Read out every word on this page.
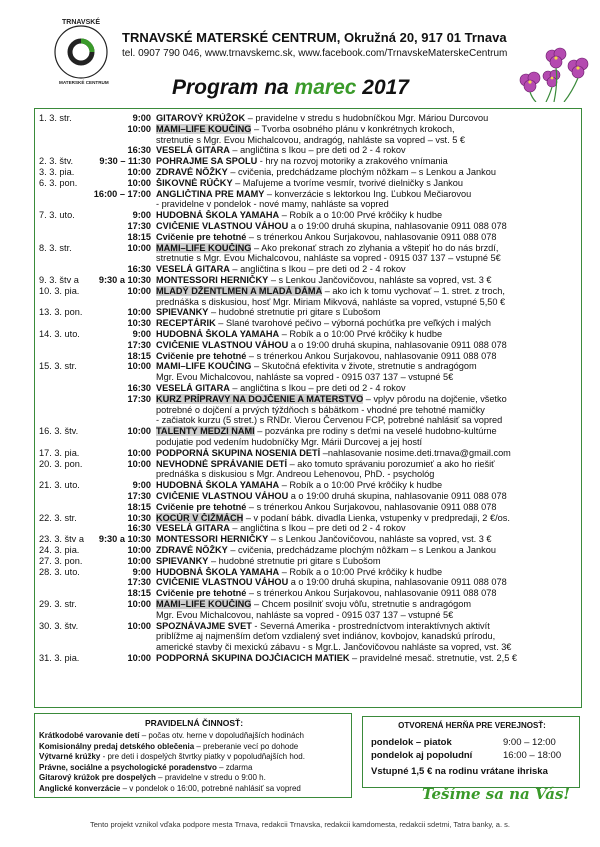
TRNAVSKÉ
MATERSKÉ CENTRUM
TRNAVSKÉ MATERSKÉ CENTRUM, Okružná 20, 917 01 Trnava
tel. 0907 790 046, www.trnavskemc.sk, www.facebook.com/TrnavskeMaterskeCentrum
Program na marec 2017
1. 3. str.	9:00 GITAROVÝ KRÚŽOK – pravidelne v stredu s hudobníčkou Mgr. Máriou Durcovou
10:00 MAMI–LIFE KOUČING – Tvorba osobného plánu v konkrétnych krokoch,
stretnutie s Mgr. Evou Michalcovou, andragóg, nahláste sa vopred – vst. 5 €
16:30 VESELÁ GITARA – angličtina s Ikou – pre deti od 2 - 4 rokov
2. 3. štv.	9:30 – 11:30 POHRAJME SA SPOLU - hry na rozvoj motoriky a zrakového vnímania
3. 3. pia.	10:00 ZDRAVÉ NÔŽKY – cvičenia, predchádzame plochým nôžkam – s Lenkou a Jankou
6. 3. pon.	10:00 ŠIKOVNÉ RÚČKY – Maľujeme a tvoríme vesmír, tvorivé dielničky s Jankou
16:00 – 17:00 ANGLIČTINA PRE MAMY – konverzácie s lektorkou Ing. Ľubkou Mečiarovou
- pravidelne v pondelok - nové mamy, nahláste sa vopred
7. 3. uto.	9:00 HUDOBNÁ ŠKOLA YAMAHA – Robík a o 10:00 Prvé krôčiky k hudbe
17:30 CVIČENIE VLASTNOU VÁHOU a o 19:00 druhá skupina, nahlasovanie 0911 088 078
18:15 Cvičenie pre tehotné – s trénerkou Ankou Surjakovou, nahlasovanie 0911 088 078
8. 3. str.	10:00 MAMI–LIFE KOUČING – Ako prekonať strach zo zlyhania a vštepiť ho do nás brzdí,
stretnutie s Mgr. Evou Michalcovou, nahláste sa vopred - 0915 037 137 – vstupné 5€
16:30 VESELÁ GITARA – angličtina s Ikou – pre deti od 2 - 4 rokov
9. 3. štv a 9:30 a 10:30 MONTESSORI HERNIČKY – s Lenkou Jančovičovou, nahláste sa vopred, vst. 3 €
10. 3. pia.	10:00 MLADÝ DŽENTLMEN A MLADÁ DÁMA – ako ich k tomu vychovať – 1. stret. z troch,
prednáška s diskusiou, hosť Mgr. Miriam Mikvová, nahláste sa vopred, vstupné 5,50 €
13. 3. pon.	10:00 SPIEVANKY – hudobné stretnutie pri gitare s Ľubošom
10:30 RECEPTÁRIK – Slané tvarohové pečivo – výborná pochúťka pre veľkých i malých
14. 3. uto.	9:00 HUDOBNÁ ŠKOLA YAMAHA – Robík a o 10:00 Prvé krôčiky k hudbe
17:30 CVIČENIE VLASTNOU VÁHOU a o 19:00 druhá skupina, nahlasovanie 0911 088 078
18:15 Cvičenie pre tehotné – s trénerkou Ankou Surjakovou, nahlasovanie 0911 088 078
15. 3. str.	10:00 MAMI–LIFE KOUČING – Skutočná efektivita v živote, stretnutie s andragógom
Mgr. Evou Michalcovou, nahláste sa vopred - 0915 037 137 – vstupné 5€
16:30 VESELÁ GITARA – angličtina s Ikou – pre deti od 2 - 4 rokov
17:30 KURZ PRÍPRAVY NA DOJČENIE A MATERSTVO – vplyv pôrodu na dojčenie, všetko
potrebné o dojčení a prvých týždňoch s bábätkom - vhodné pre tehotné mamičky
- začiatok kurzu (5 stret.) s RNDr. Vierou Červenou FCP, potrebné nahlásiť sa vopred
16. 3. štv.	10:00 TALENTY MEDZI NAMI – pozvánka pre rodiny s deťmi na veselé hudobno-kultúrne
podujatie pod vedením hudobníčky Mgr. Márii Durcovej a jej hostí
17. 3. pia.	10:00 PODPORNÁ SKUPINA NOSENIA DETÍ –nahlasovanie nosime.deti.trnava@gmail.com
20. 3. pon.	10:00 NEVHODNÉ SPRÁVANIE DETÍ – ako tomuto správaniu porozumieť a ako ho riešiť
prednáška s diskusiou s Mgr. Andreou Lehenovou, PhD. - psychológ
21. 3. uto.	9:00 HUDOBNÁ ŠKOLA YAMAHA – Robík a o 10:00 Prvé krôčiky k hudbe
17:30 CVIČENIE VLASTNOU VÁHOU a o 19:00 druhá skupina, nahlasovanie 0911 088 078
18:15 Cvičenie pre tehotné – s trénerkou Ankou Surjakovou, nahlasovanie 0911 088 078
22. 3. str.	10:30 KOCÚR V ČIŽMÁCH – v podaní bábk. divadla Lienka, vstupenky v predpredaji, 2 €/os.
16:30 VESELÁ GITARA – angličtina s Ikou – pre deti od 2 - 4 rokov
23. 3. štv a 9:30 a 10:30 MONTESSORI HERNIČKY – s Lenkou Jančovičovou, nahláste sa vopred, vst. 3 €
24. 3. pia.	10:00 ZDRAVÉ NÔŽKY – cvičenia, predchádzame plochým nôžkam – s Lenkou a Jankou
27. 3. pon.	10:00 SPIEVANKY – hudobné stretnutie pri gitare s Ľubošom
28. 3. uto.	9:00 HUDOBNÁ ŠKOLA YAMAHA – Robík a o 10:00 Prvé krôčiky k hudbe
17:30 CVIČENIE VLASTNOU VÁHOU a o 19:00 druhá skupina, nahlasovanie 0911 088 078
18:15 Cvičenie pre tehotné – s trénerkou Ankou Surjakovou, nahlasovanie 0911 088 078
29. 3. str.	10:00 MAMI–LIFE KOUČING – Chcem posilniť svoju vôľu, stretnutie s andragógom
Mgr. Evou Michalcovou, nahláste sa vopred - 0915 037 137 – vstupné 5€
30. 3. štv.	10:00 SPOZNÁVAJME SVET - Severná Amerika - prostredníctvom interaktívnych aktivít
priblížme aj najmenším deťom vzdialený svet indiánov, kovbojov, kanadskú prírodu,
americké stavby či mexickú zábavu - s Mgr.L. Jančovičovou nahláste sa vopred, vst. 3€
31. 3. pia.	10:00 PODPORNÁ SKUPINA DOJČIACICH MATIEK – pravidelné mesač. stretnutie, vst. 2,5 €
PRAVIDELNÁ ČINNOSŤ:
Krátkodobé varovanie detí – počas otv. herne v dopoludňajších hodinách
Komisionálny predaj detského oblečenia – preberanie vecí po dohode
Výtvarné krúžky - pre deti i dospelých štvrtky piatky v popoludňajších hod.
Právne, sociálne a psychologické poradenstvo – zdarma
Gitarový krúžok pre dospelých – pravidelne v stredu o 9:00 h.
Anglické konverzácie – v pondelok o 16:00, potrebné nahlásiť sa vopred
OTVORENÁ HERŇA PRE VEREJNOSŤ:
pondelok – piatok	9:00 – 12:00
pondelok aj popoludní	16:00 – 18:00
Vstupné 1,5 € na rodinu vrátane ihriska
Tešíme sa na Vás!
Tento projekt vznikol vďaka podpore mesta Trnava, redakcii Trnavska, redakcii kamdomesta, redakcii sdetmi, Tatra banky, a. s.
